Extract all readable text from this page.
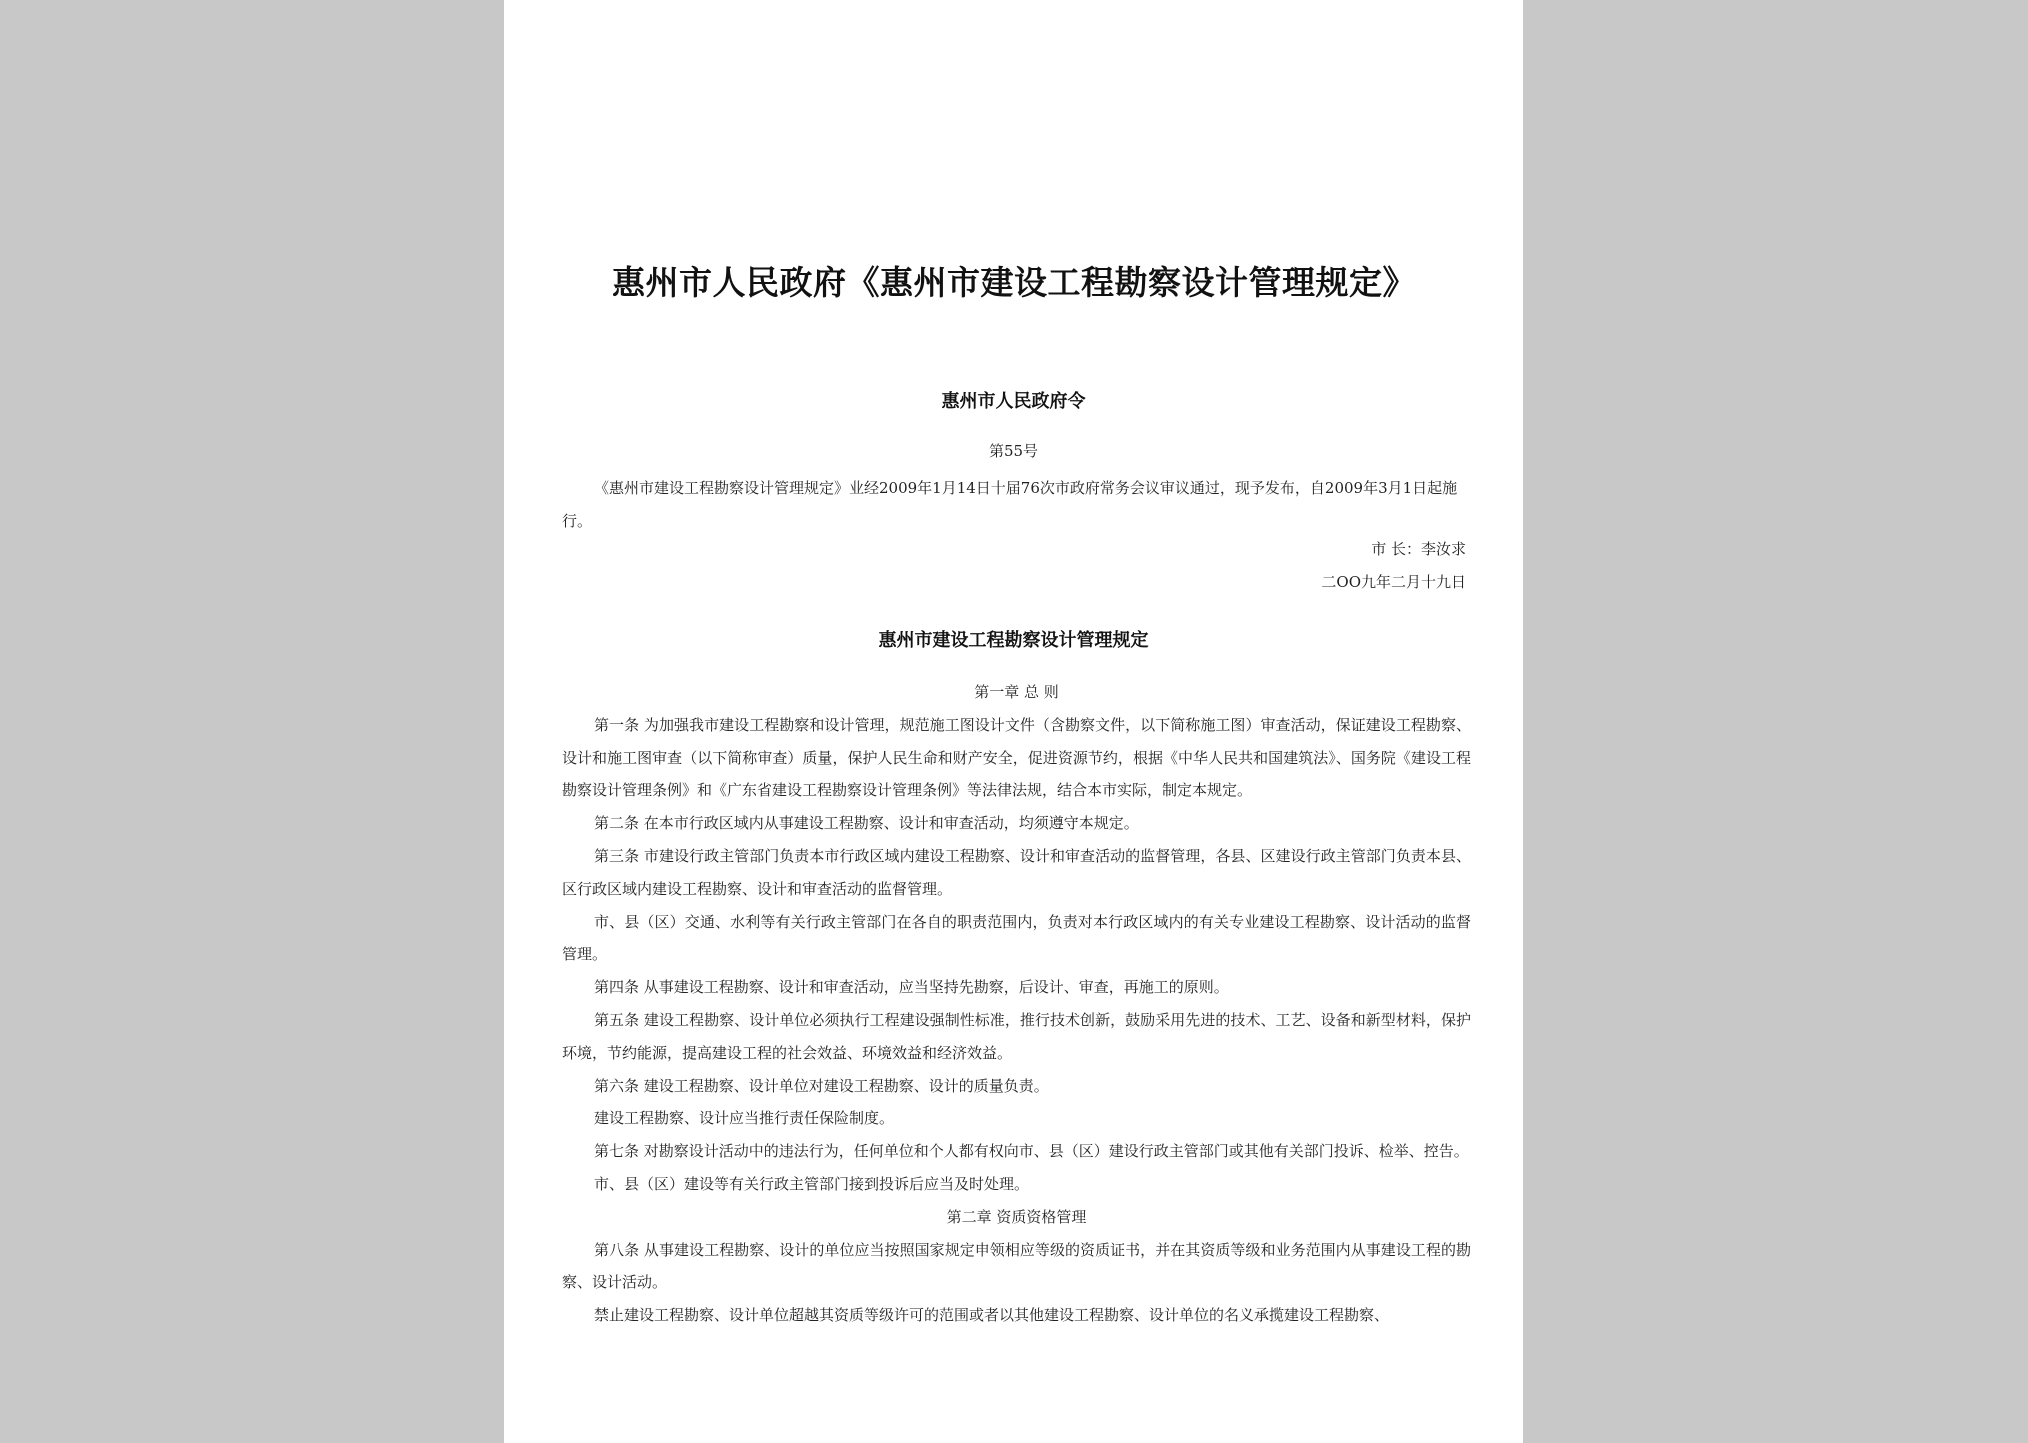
惠州市人民政府《惠州市建设工程勘察设计管理规定》
惠州市人民政府令
第55号
《惠州市建设工程勘察设计管理规定》业经2009年1月14日十届76次市政府常务会议审议通过，现予发布，自2009年3月1日起施行。
市 长：李汝求
二OO九年二月十九日
惠州市建设工程勘察设计管理规定

第一章 总 则

第一条 为加强我市建设工程勘察和设计管理，规范施工图设计文件（含勘察文件，以下简称施工图）审查活动，保证建设工程勘察、设计和施工图审查（以下简称审查）质量，保护人民生命和财产安全，促进资源节约，根据《中华人民共和国建筑法》、国务院《建设工程勘察设计管理条例》和《广东省建设工程勘察设计管理条例》等法律法规，结合本市实际，制定本规定。

第二条 在本市行政区域内从事建设工程勘察、设计和审查活动，均须遵守本规定。

第三条 市建设行政主管部门负责本市行政区域内建设工程勘察、设计和审查活动的监督管理，各县、区建设行政主管部门负责本县、区行政区域内建设工程勘察、设计和审查活动的监督管理。

市、县（区）交通、水利等有关行政主管部门在各自的职责范围内，负责对本行政区域内的有关专业建设工程勘察、设计活动的监督管理。

第四条 从事建设工程勘察、设计和审查活动，应当坚持先勘察，后设计、审查，再施工的原则。

第五条 建设工程勘察、设计单位必须执行工程建设强制性标准，推行技术创新，鼓励采用先进的技术、工艺、设备和新型材料，保护环境，节约能源，提高建设工程的社会效益、环境效益和经济效益。

第六条 建设工程勘察、设计单位对建设工程勘察、设计的质量负责。

建设工程勘察、设计应当推行责任保险制度。

第七条 对勘察设计活动中的违法行为，任何单位和个人都有权向市、县（区）建设行政主管部门或其他有关部门投诉、检举、控告。

市、县（区）建设等有关行政主管部门接到投诉后应当及时处理。

第二章 资质资格管理

第八条 从事建设工程勘察、设计的单位应当按照国家规定申领相应等级的资质证书，并在其资质等级和业务范围内从事建设工程的勘察、设计活动。

禁止建设工程勘察、设计单位超越其资质等级许可的范围或者以其他建设工程勘察、设计单位的名义承揽建设工程勘察、
